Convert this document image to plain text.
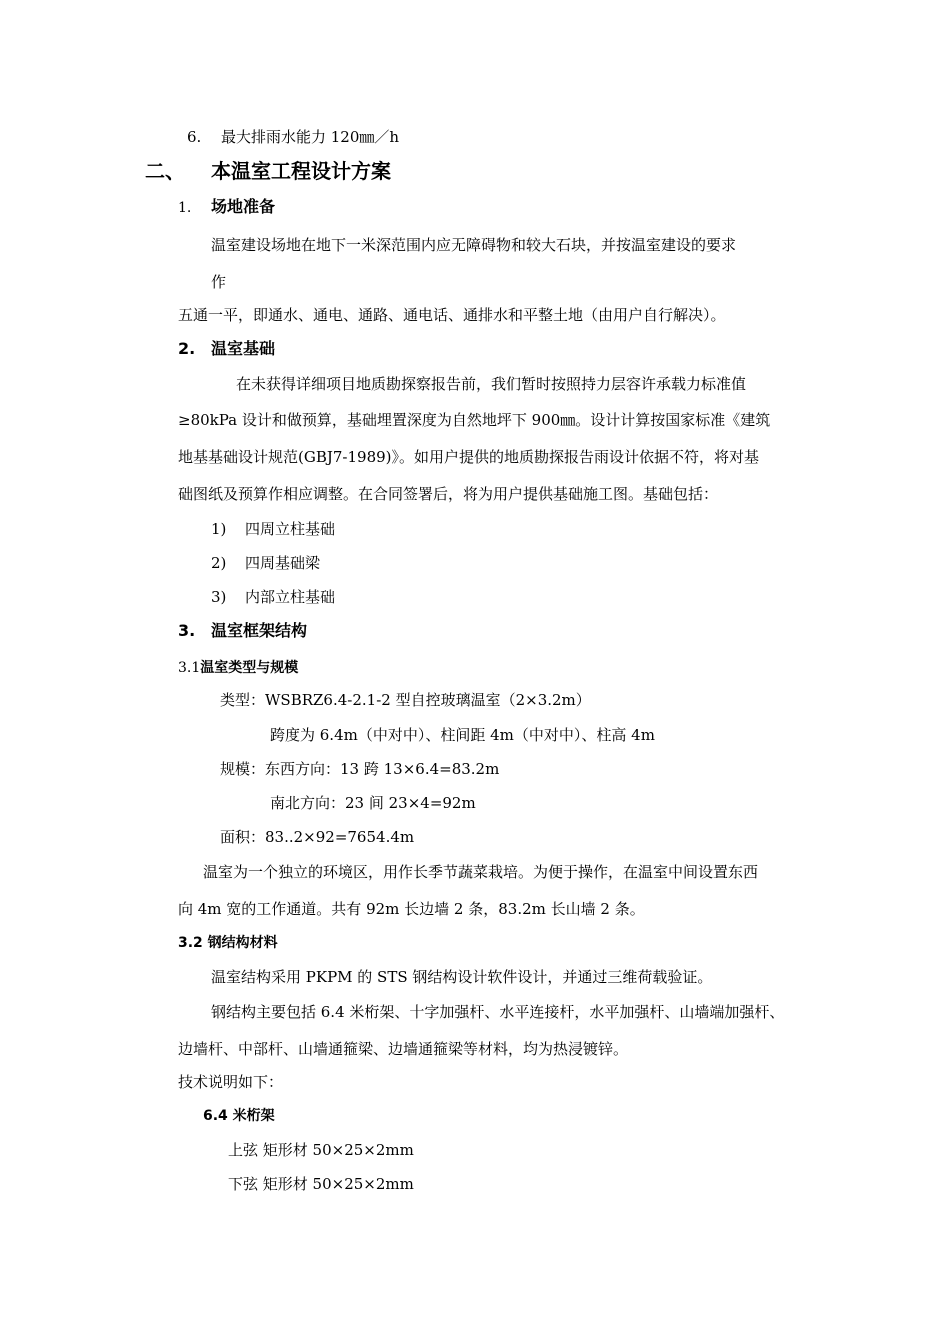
6. 最大排雨水能力 120㎜／h
二、 本温室工程设计方案
1. 场地准备
温室建设场地在地下一米深范围内应无障碍物和较大石块，并按温室建设的要求
作
五通一平，即通水、通电、通路、通电话、通排水和平整土地（由用户自行解决）。
2. 温室基础
在未获得详细项目地质勘探察报告前，我们暂时按照持力层容许承载力标准值
≥80kPa 设计和做预算，基础埋置深度为自然地坪下 900㎜。设计计算按国家标准《建筑
地基基础设计规范(GBJ7-1989)》。如用户提供的地质勘探报告雨设计依据不符，将对基
础图纸及预算作相应调整。在合同签署后，将为用户提供基础施工图。基础包括：
1) 四周立柱基础
2) 四周基础梁
3) 内部立柱基础
3. 温室框架结构
3.1温室类型与规模
类型：WSBRZ6.4-2.1-2 型自控玻璃温室（2×3.2m）
跨度为 6.4m（中对中）、柱间距 4m（中对中）、柱高 4m
规模：东西方向：13 跨 13×6.4=83.2m
南北方向：23 间 23×4=92m
面积：83..2×92=7654.4m
温室为一个独立的环境区，用作长季节蔬菜栽培。为便于操作，在温室中间设置东西
向 4m 宽的工作通道。共有 92m 长边墙 2 条，83.2m 长山墙 2 条。
3.2 钢结构材料
温室结构采用 PKPM 的 STS 钢结构设计软件设计，并通过三维荷载验证。
钢结构主要包括 6.4 米桁架、十字加强杆、水平连接杆，水平加强杆、山墙端加强杆、
边墙杆、中部杆、山墙通箍梁、边墙通箍梁等材料，均为热浸镀锌。
技术说明如下：
6.4 米桁架
上弦 矩形材 50×25×2mm
下弦 矩形材 50×25×2mm
